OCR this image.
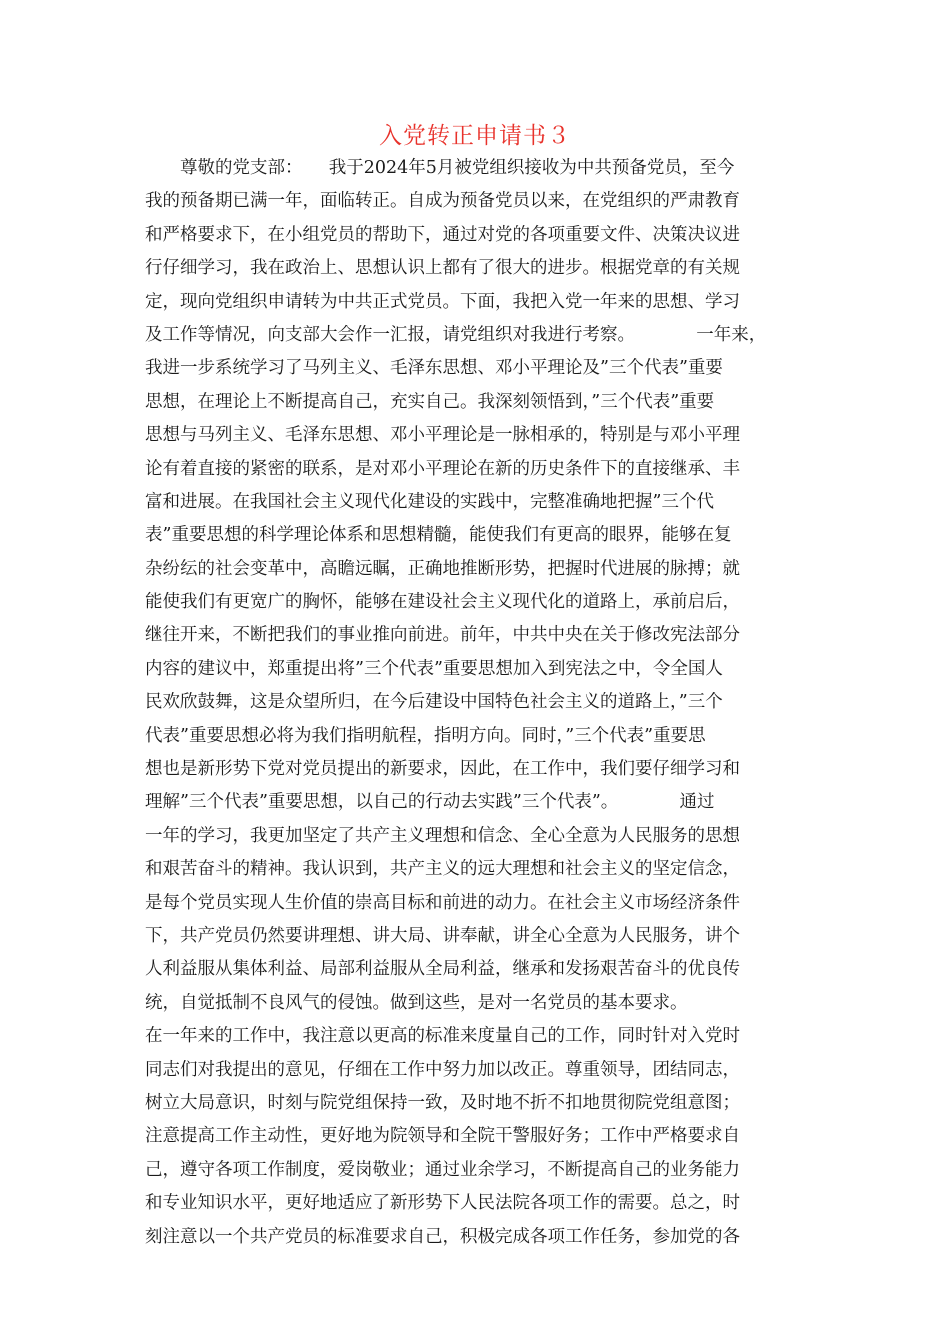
入党转正申请书３

　　尊敬的党支部：　　我于2024年5月被党组织接收为中共预备党员，至今

我的预备期已满一年，面临转正。自成为预备党员以来，在党组织的严肃教育

和严格要求下，在小组党员的帮助下，通过对党的各项重要文件、决策决议进

行仔细学习，我在政治上、思想认识上都有了很大的进步。根据党章的有关规

定，现向党组织申请转为中共正式党员。下面，我把入党一年来的思想、学习

及工作等情况，向支部大会作一汇报，请党组织对我进行考察。　　　　一年来，

我进一步系统学习了马列主义、毛泽东思想、邓小平理论及”三个代表”重要

思想，在理论上不断提高自己，充实自己。我深刻领悟到，”三个代表”重要

思想与马列主义、毛泽东思想、邓小平理论是一脉相承的，特别是与邓小平理

论有着直接的紧密的联系，是对邓小平理论在新的历史条件下的直接继承、丰

富和进展。在我国社会主义现代化建设的实践中，完整准确地把握”三个代

表”重要思想的科学理论体系和思想精髓，能使我们有更高的眼界，能够在复

杂纷纭的社会变革中，高瞻远瞩，正确地推断形势，把握时代进展的脉搏；就

能使我们有更宽广的胸怀，能够在建设社会主义现代化的道路上，承前启后，

继往开来，不断把我们的事业推向前进。前年，中共中央在关于修改宪法部分

内容的建议中，郑重提出将”三个代表”重要思想加入到宪法之中，令全国人

民欢欣鼓舞，这是众望所归，在今后建设中国特色社会主义的道路上，”三个

代表”重要思想必将为我们指明航程，指明方向。同时，”三个代表”重要思

想也是新形势下党对党员提出的新要求，因此，在工作中，我们要仔细学习和

理解”三个代表”重要思想，以自己的行动去实践”三个代表”。　　　　通过

一年的学习，我更加坚定了共产主义理想和信念、全心全意为人民服务的思想

和艰苦奋斗的精神。我认识到，共产主义的远大理想和社会主义的坚定信念，

是每个党员实现人生价值的崇高目标和前进的动力。在社会主义市场经济条件

下，共产党员仍然要讲理想、讲大局、讲奉献，讲全心全意为人民服务，讲个

人利益服从集体利益、局部利益服从全局利益，继承和发扬艰苦奋斗的优良传

统，自觉抵制不良风气的侵蚀。做到这些，是对一名党员的基本要求。

在一年来的工作中，我注意以更高的标准来度量自己的工作，同时针对入党时

同志们对我提出的意见，仔细在工作中努力加以改正。尊重领导，团结同志，

树立大局意识，时刻与院党组保持一致，及时地不折不扣地贯彻院党组意图；

注意提高工作主动性，更好地为院领导和全院干警服好务；工作中严格要求自

己，遵守各项工作制度，爱岗敬业；通过业余学习，不断提高自己的业务能力

和专业知识水平，更好地适应了新形势下人民法院各项工作的需要。总之，时

刻注意以一个共产党员的标准要求自己，积极完成各项工作任务，参加党的各
